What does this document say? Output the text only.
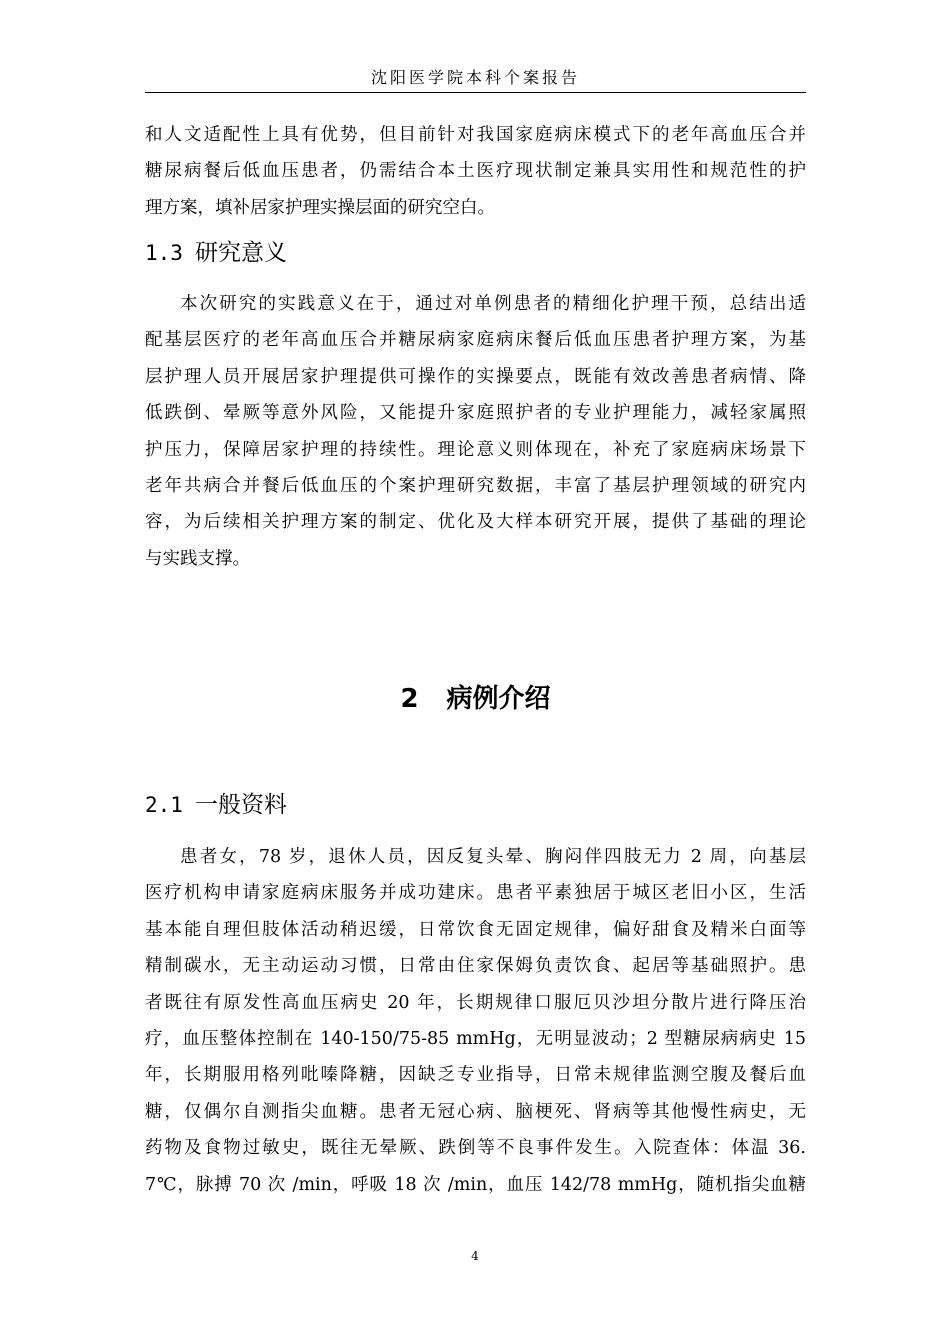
沈阳医学院本科个案报告

和人文适配性上具有优势，但目前针对我国家庭病床模式下的老年高血压合并
糖尿病餐后低血压患者，仍需结合本土医疗现状制定兼具实用性和规范性的护
理方案，填补居家护理实操层面的研究空白。

1.3 研究意义

本次研究的实践意义在于，通过对单例患者的精细化护理干预，总结出适
配基层医疗的老年高血压合并糖尿病家庭病床餐后低血压患者护理方案，为基
层护理人员开展居家护理提供可操作的实操要点，既能有效改善患者病情、降
低跌倒、晕厥等意外风险，又能提升家庭照护者的专业护理能力，减轻家属照
护压力，保障居家护理的持续性。理论意义则体现在，补充了家庭病床场景下
老年共病合并餐后低血压的个案护理研究数据，丰富了基层护理领域的研究内
容，为后续相关护理方案的制定、优化及大样本研究开展，提供了基础的理论
与实践支撑。

2 病例介绍
2.1 一般资料

患者女，78 岁，退休人员，因反复头晕、胸闷伴四肢无力 2 周，向基层
医疗机构申请家庭病床服务并成功建床。患者平素独居于城区老旧小区，生活
基本能自理但肢体活动稍迟缓，日常饮食无固定规律，偏好甜食及精米白面等
精制碳水，无主动运动习惯，日常由住家保姆负责饮食、起居等基础照护。患
者既往有原发性高血压病史 20 年，长期规律口服厄贝沙坦分散片进行降压治
疗，血压整体控制在 140-150/75-85 mmHg，无明显波动；2 型糖尿病病史 15
年，长期服用格列吡嗪降糖，因缺乏专业指导，日常未规律监测空腹及餐后血
糖，仅偶尔自测指尖血糖。患者无冠心病、脑梗死、肾病等其他慢性病史，无
药物及食物过敏史，既往无晕厥、跌倒等不良事件发生。入院查体：体温 36.
7℃，脉搏 70 次 /min，呼吸 18 次 /min，血压 142/78 mmHg，随机指尖血糖

4
